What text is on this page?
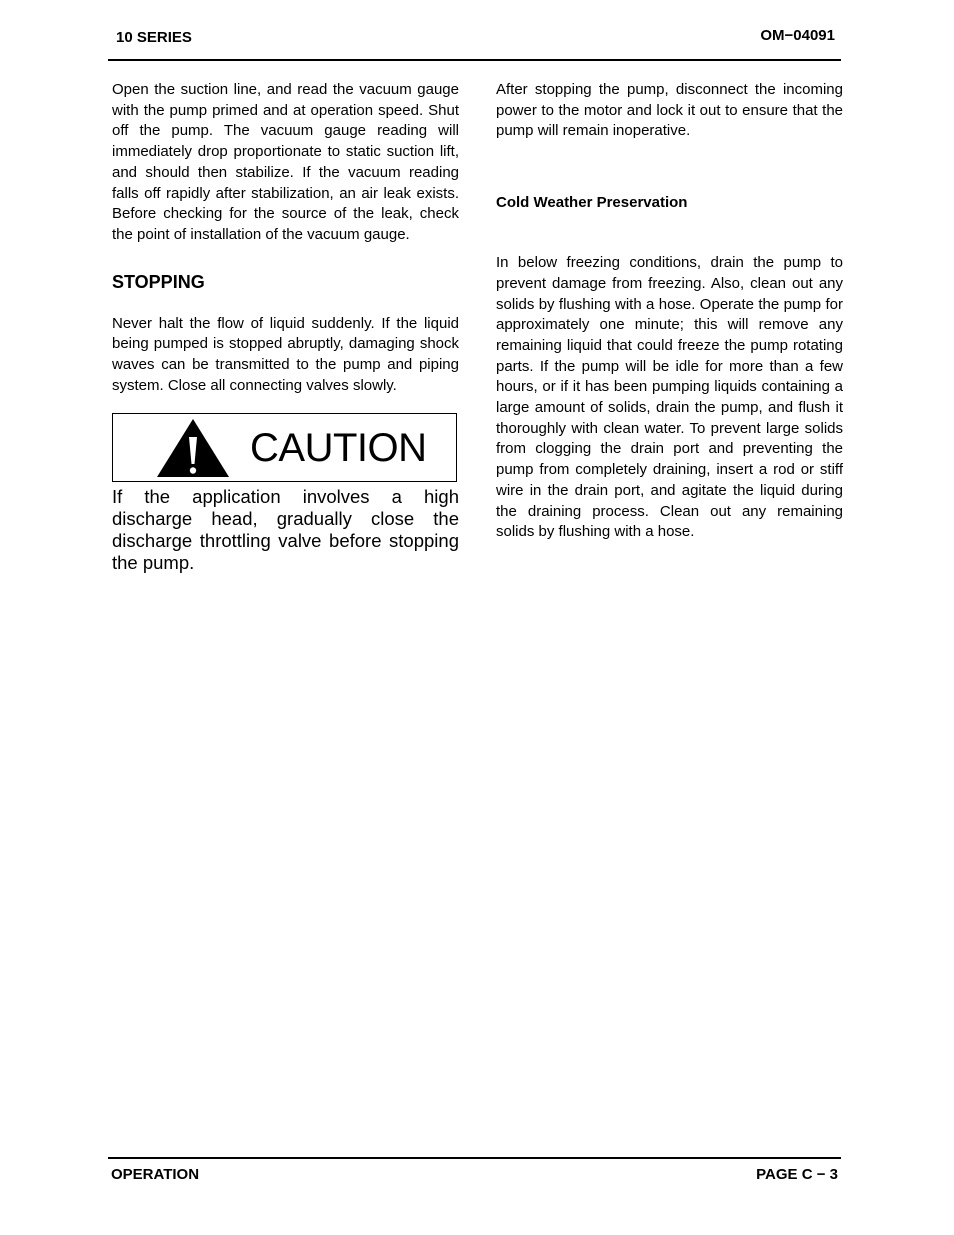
10 SERIES	OM−04091

Open the suction line, and read the vacuum gauge with the pump primed and at operation speed. Shut off the pump. The vacuum gauge reading will immediately drop proportionate to static suction lift, and should then stabilize. If the vacuum reading falls off rapidly after stabilization, an air leak exists. Before checking for the source of the leak, check the point of installation of the vacuum gauge.

STOPPING

Never halt the flow of liquid suddenly. If the liquid being pumped is stopped abruptly, damaging shock waves can be transmitted to the pump and piping system. Close all connecting valves slowly.

CAUTION

If the application involves a high discharge head, gradually close the discharge throttling valve before stopping the pump.

After stopping the pump, disconnect the incoming power to the motor and lock it out to ensure that the pump will remain inoperative.

Cold Weather Preservation

In below freezing conditions, drain the pump to prevent damage from freezing. Also, clean out any solids by flushing with a hose. Operate the pump for approximately one minute; this will remove any remaining liquid that could freeze the pump rotating parts. If the pump will be idle for more than a few hours, or if it has been pumping liquids containing a large amount of solids, drain the pump, and flush it thoroughly with clean water. To prevent large solids from clogging the drain port and preventing the pump from completely draining, insert a rod or stiff wire in the drain port, and agitate the liquid during the draining process. Clean out any remaining solids by flushing with a hose.

OPERATION	PAGE C − 3
